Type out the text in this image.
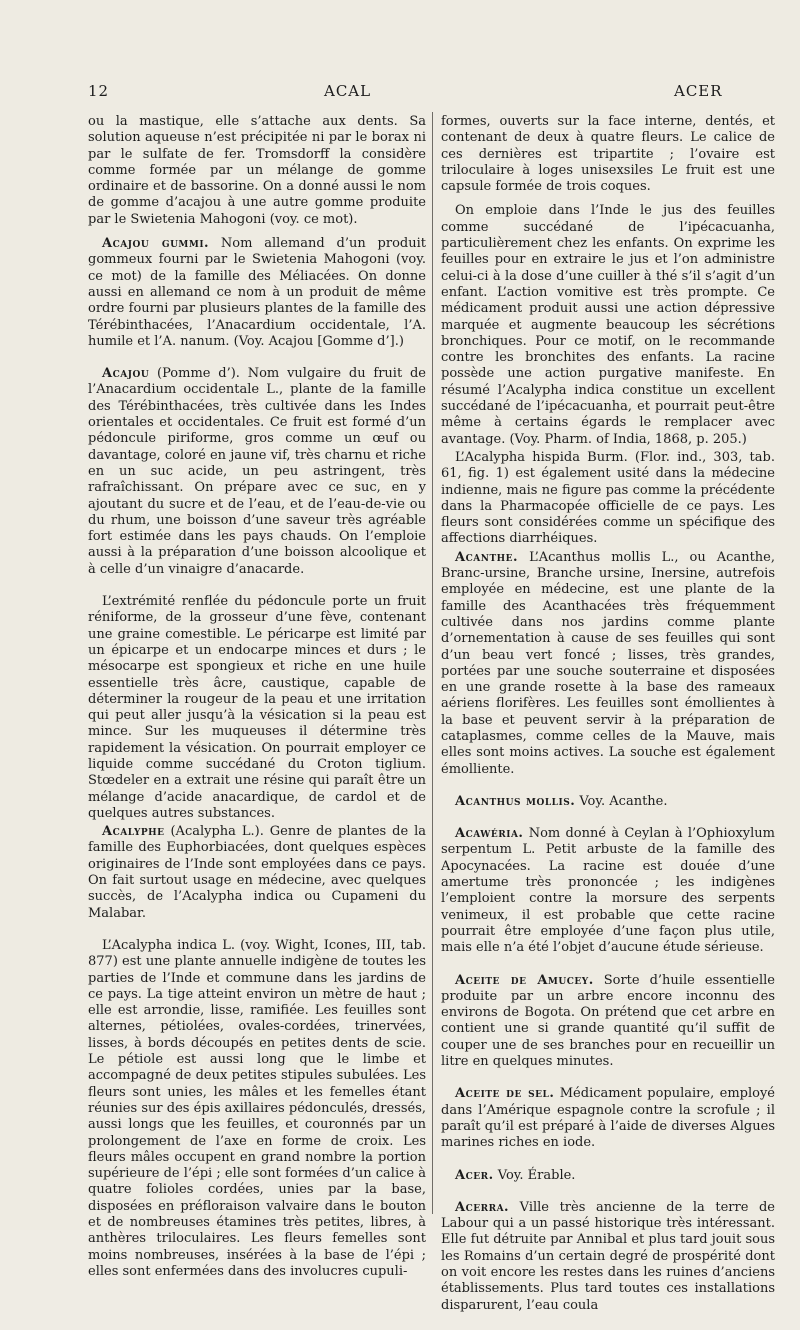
12	ACAL	ACER

ou la mastique, elle s’attache aux dents. Sa solution aqueuse n’est précipitée ni par le borax ni par le sulfate de fer. Tromsdorff la considère comme formée par un mélange de gomme ordinaire et de bassorine. On a donné aussi le nom de gomme d’acajou à une autre gomme produite par le Swietenia Mahogoni (voy. ce mot).

Acajou gummi. Nom allemand d’un produit gommeux fourni par le Swietenia Mahogoni (voy. ce mot) de la famille des Méliacées. On donne aussi en allemand ce nom à un produit de même ordre fourni par plusieurs plantes de la famille des Térébinthacées, l’Anacardium occidentale, l’A. humile et l’A. nanum. (Voy. Acajou [Gomme d’].)

Acajou (Pomme d’). Nom vulgaire du fruit de l’Anacardium occidentale L., plante de la famille des Térébinthacées, très cultivée dans les Indes orientales et occidentales. Ce fruit est formé d’un pédoncule piriforme, gros comme un œuf ou davantage, coloré en jaune vif, très charnu et riche en un suc acide, un peu astringent, très rafraîchissant. On prépare avec ce suc, en y ajoutant du sucre et de l’eau, et de l’eau-de-vie ou du rhum, une boisson d’une saveur très agréable fort estimée dans les pays chauds. On l’emploie aussi à la préparation d’une boisson alcoolique et à celle d’un vinaigre d’anacarde.

L’extrémité renflée du pédoncule porte un fruit réniforme, de la grosseur d’une fève, contenant une graine comestible. Le péricarpe est limité par un épicarpe et un endocarpe minces et durs ; le mésocarpe est spongieux et riche en une huile essentielle très âcre, caustique, capable de déterminer la rougeur de la peau et une irritation qui peut aller jusqu’à la vésication si la peau est mince. Sur les muqueuses il détermine très rapidement la vésication. On pourrait employer ce liquide comme succédané du Croton tiglium. Stœdeler en a extrait une résine qui paraît être un mélange d’acide anacardique, de cardol et de quelques autres substances.

Acalyphe (Acalypha L.). Genre de plantes de la famille des Euphorbiacées, dont quelques espèces originaires de l’Inde sont employées dans ce pays. On fait surtout usage en médecine, avec quelques succès, de l’Acalypha indica ou Cupameni du Malabar.

L’Acalypha indica L. (voy. Wight, Icones, III, tab. 877) est une plante annuelle indigène de toutes les parties de l’Inde et commune dans les jardins de ce pays. La tige atteint environ un mètre de haut ; elle est arrondie, lisse, ramifiée. Les feuilles sont alternes, pétiolées, ovales-cordées, trinervées, lisses, à bords découpés en petites dents de scie. Le pétiole est aussi long que le limbe et accompagné de deux petites stipules subulées. Les fleurs sont unies, les mâles et les femelles étant réunies sur des épis axillaires pédonculés, dressés, aussi longs que les feuilles, et couronnés par un prolongement de l’axe en forme de croix. Les fleurs mâles occupent en grand nombre la portion supérieure de l’épi ; elle sont formées d’un calice à quatre folioles cordées, unies par la base, disposées en préfloraison valvaire dans le bouton et de nombreuses étamines très petites, libres, à anthères triloculaires. Les fleurs femelles sont moins nombreuses, insérées à la base de l’épi ; elles sont enfermées dans des involucres cupuli-

formes, ouverts sur la face interne, dentés, et contenant de deux à quatre fleurs. Le calice de ces dernières est tripartite ; l’ovaire est triloculaire à loges unisexsiles Le fruit est une capsule formée de trois coques.

On emploie dans l’Inde le jus des feuilles comme succédané de l’ipécacuanha, particulièrement chez les enfants. On exprime les feuilles pour en extraire le jus et l’on administre celui-ci à la dose d’une cuiller à thé s’il s’agit d’un enfant. L’action vomitive est très prompte. Ce médicament produit aussi une action dépressive marquée et augmente beaucoup les sécrétions bronchiques. Pour ce motif, on le recommande contre les bronchites des enfants. La racine possède une action purgative manifeste. En résumé l’Acalypha indica constitue un excellent succédané de l’ipécacuanha, et pourrait peut-être même à certains égards le remplacer avec avantage. (Voy. Pharm. of India, 1868, p. 205.)

L’Acalypha hispida Burm. (Flor. ind., 303, tab. 61, fig. 1) est également usité dans la médecine indienne, mais ne figure pas comme la précédente dans la Pharmacopée officielle de ce pays. Les fleurs sont considérées comme un spécifique des affections diarrhéiques.

Acanthe. L’Acanthus mollis L., ou Acanthe, Branc-ursine, Branche ursine, Inersine, autrefois employée en médecine, est une plante de la famille des Acanthacées très fréquemment cultivée dans nos jardins comme plante d’ornementation à cause de ses feuilles qui sont d’un beau vert foncé ; lisses, très grandes, portées par une souche souterraine et disposées en une grande rosette à la base des rameaux aériens florifères. Les feuilles sont émollientes à la base et peuvent servir à la préparation de cataplasmes, comme celles de la Mauve, mais elles sont moins actives. La souche est également émolliente.

Acanthus mollis. Voy. Acanthe.

Acawéria. Nom donné à Ceylan à l’Ophioxylum serpentum L. Petit arbuste de la famille des Apocynacées. La racine est douée d’une amertume très prononcée ; les indigènes l’emploient contre la morsure des serpents venimeux, il est probable que cette racine pourrait être employée d’une façon plus utile, mais elle n’a été l’objet d’aucune étude sérieuse.

Aceite de Amucey. Sorte d’huile essentielle produite par un arbre encore inconnu des environs de Bogota. On prétend que cet arbre en contient une si grande quantité qu’il suffit de couper une de ses branches pour en recueillir un litre en quelques minutes.

Aceite de sel. Médicament populaire, employé dans l’Amérique espagnole contre la scrofule ; il paraît qu’il est préparé à l’aide de diverses Algues marines riches en iode.

Acer. Voy. Érable.

Acerra. Ville très ancienne de la terre de Labour qui a un passé historique très intéressant. Elle fut détruite par Annibal et plus tard jouit sous les Romains d’un certain degré de prospérité dont on voit encore les restes dans les ruines d’anciens établissements. Plus tard toutes ces installations disparurent, l’eau coula
